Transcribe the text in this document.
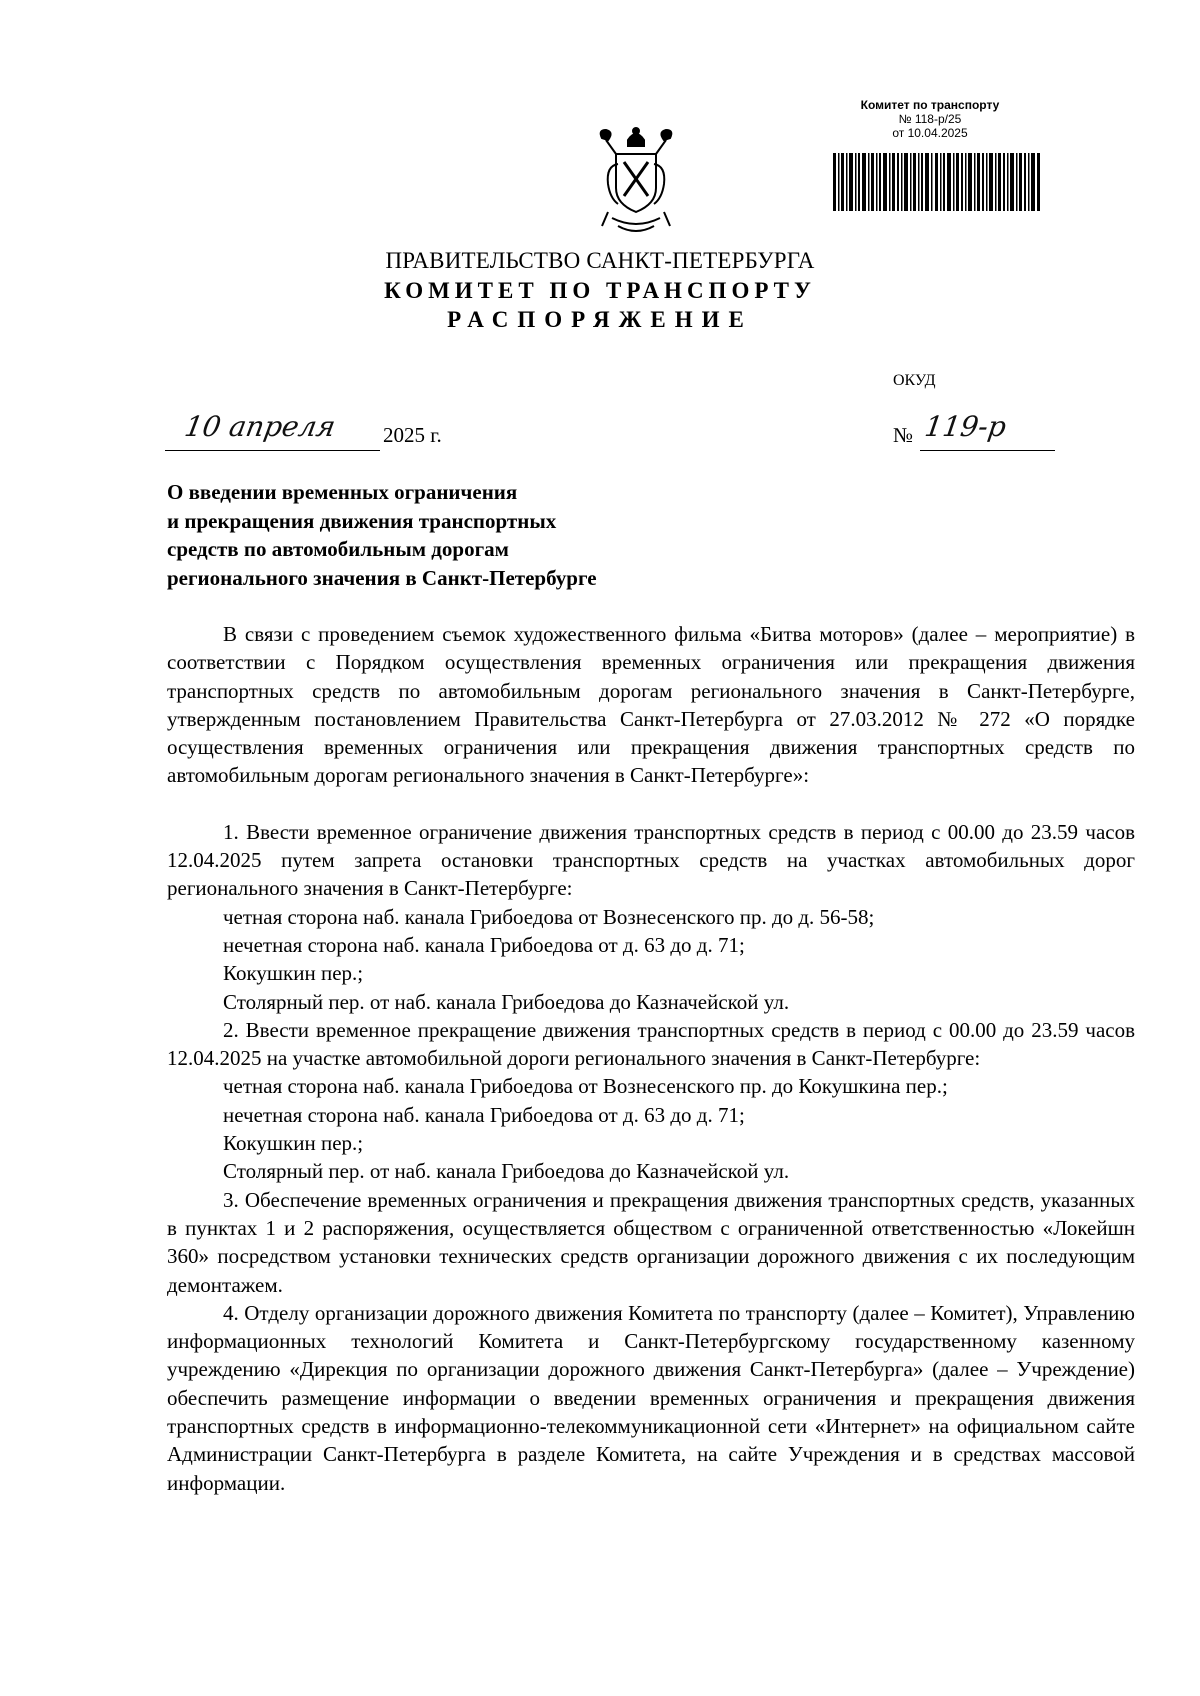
Комитет по транспорту
№ 118-р/25
от 10.04.2025
ПРАВИТЕЛЬСТВО САНКТ-ПЕТЕРБУРГА
КОМИТЕТ ПО ТРАНСПОРТУ
РАСПОРЯЖЕНИЕ
ОКУД
10 апреля 2025 г.	№ 119-р
О введении временных ограничения
и прекращения движения транспортных
средств по автомобильным дорогам
регионального значения в Санкт-Петербурге

В связи с проведением съемок художественного фильма «Битва моторов» (далее – мероприятие) в соответствии с Порядком осуществления временных ограничения или прекращения движения транспортных средств по автомобильным дорогам регионального значения в Санкт-Петербурге, утвержденным постановлением Правительства Санкт-Петербурга от 27.03.2012 № 272 «О порядке осуществления временных ограничения или прекращения движения транспортных средств по автомобильным дорогам регионального значения в Санкт-Петербурге»:

1. Ввести временное ограничение движения транспортных средств в период с 00.00 до 23.59 часов 12.04.2025 путем запрета остановки транспортных средств на участках автомобильных дорог регионального значения в Санкт-Петербурге:

четная сторона наб. канала Грибоедова от Вознесенского пр. до д. 56-58;
нечетная сторона наб. канала Грибоедова от д. 63 до д. 71;
Кокушкин пер.;
Столярный пер. от наб. канала Грибоедова до Казначейской ул.

2. Ввести временное прекращение движения транспортных средств в период с 00.00 до 23.59 часов 12.04.2025 на участке автомобильной дороги регионального значения в Санкт-Петербурге:

четная сторона наб. канала Грибоедова от Вознесенского пр. до Кокушкина пер.;
нечетная сторона наб. канала Грибоедова от д. 63 до д. 71;
Кокушкин пер.;
Столярный пер. от наб. канала Грибоедова до Казначейской ул.

3. Обеспечение временных ограничения и прекращения движения транспортных средств, указанных в пунктах 1 и 2 распоряжения, осуществляется обществом с ограниченной ответственностью «Локейшн 360» посредством установки технических средств организации дорожного движения с их последующим демонтажем.

4. Отделу организации дорожного движения Комитета по транспорту (далее – Комитет), Управлению информационных технологий Комитета и Санкт-Петербургскому государственному казенному учреждению «Дирекция по организации дорожного движения Санкт-Петербурга» (далее – Учреждение) обеспечить размещение информации о введении временных ограничения и прекращения движения транспортных средств в информационно-телекоммуникационной сети «Интернет» на официальном сайте Администрации Санкт-Петербурга в разделе Комитета, на сайте Учреждения и в средствах массовой информации.
